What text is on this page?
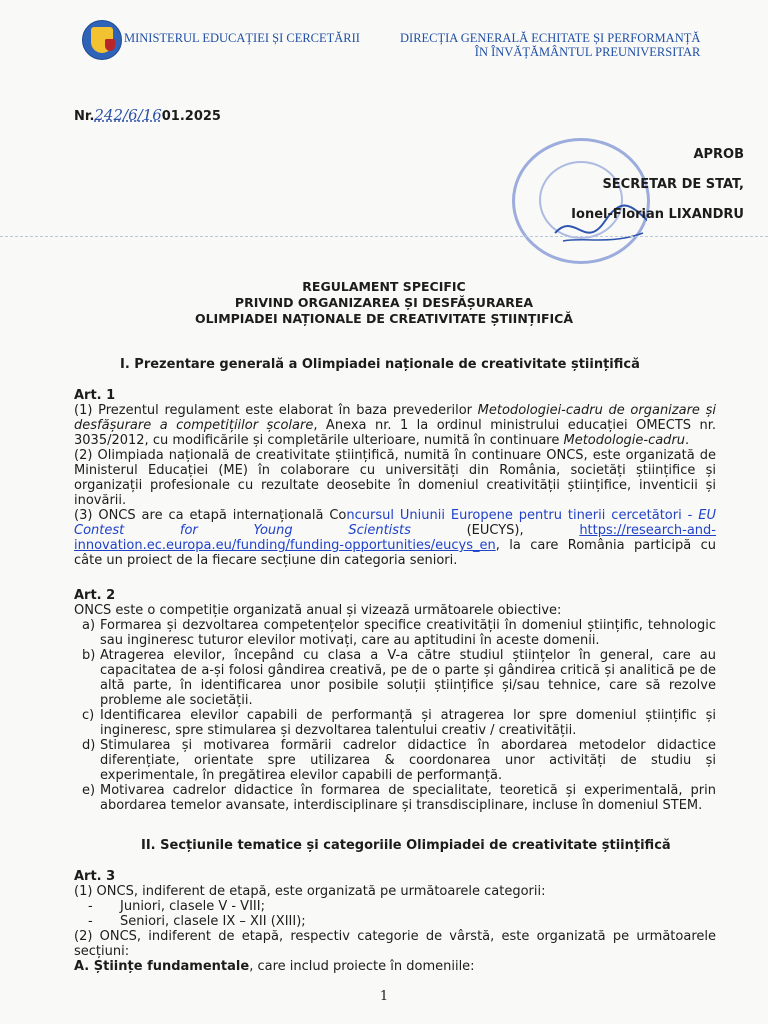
MINISTERUL EDUCAȚIEI ȘI CERCETĂRII	DIRECȚIA GENERALĂ ECHITATE ȘI PERFORMANȚĂ
ÎN ÎNVĂȚĂMÂNTUL PREUNIVERSITAR
Nr.242/6/1601.2025
APROB
SECRETAR DE STAT,
Ionel-Florian LIXANDRU
REGULAMENT SPECIFIC
PRIVIND ORGANIZAREA ȘI DESFĂȘURAREA
OLIMPIADEI NAȚIONALE DE CREATIVITATE ȘTIINȚIFICĂ
I. Prezentare generală a Olimpiadei naționale de creativitate științifică
Art. 1
(1) Prezentul regulament este elaborat în baza prevederilor Metodologiei-cadru de organizare și desfășurare a competițiilor școlare, Anexa nr. 1 la ordinul ministrului educației OMECTS nr. 3035/2012, cu modificările și completările ulterioare, numită în continuare Metodologie-cadru.
(2) Olimpiada națională de creativitate științifică, numită în continuare ONCS, este organizată de Ministerul Educației (ME) în colaborare cu universități din România, societăți științifice și organizații profesionale cu rezultate deosebite în domeniul creativității științifice, inventicii și inovării.
(3) ONCS are ca etapă internațională Concursul Uniunii Europene pentru tinerii cercetători - EU Contest for Young Scientists (EUCYS), https://research-and-innovation.ec.europa.eu/funding/funding-opportunities/eucys_en, la care România participă cu câte un proiect de la fiecare secțiune din categoria seniori.
Art. 2
ONCS este o competiție organizată anual și vizează următoarele obiective:
a) Formarea și dezvoltarea competențelor specifice creativității în domeniul științific, tehnologic sau ingineresc tuturor elevilor motivați, care au aptitudini în aceste domenii.
b) Atragerea elevilor, începând cu clasa a V-a către studiul științelor în general, care au capacitatea de a-și folosi gândirea creativă, pe de o parte și gândirea critică și analitică pe de altă parte, în identificarea unor posibile soluții științifice și/sau tehnice, care să rezolve probleme ale societății.
c) Identificarea elevilor capabili de performanță și atragerea lor spre domeniul științific și ingineresc, spre stimularea și dezvoltarea talentului creativ / creativității.
d) Stimularea și motivarea formării cadrelor didactice în abordarea metodelor didactice diferențiate, orientate spre utilizarea & coordonarea unor activități de studiu și experimentale, în pregătirea elevilor capabili de performanță.
e) Motivarea cadrelor didactice în formarea de specialitate, teoretică și experimentală, prin abordarea temelor avansate, interdisciplinare și transdisciplinare, incluse în domeniul STEM.
II. Secțiunile tematice și categoriile Olimpiadei de creativitate științifică
Art. 3
(1) ONCS, indiferent de etapă, este organizată pe următoarele categorii:
- Juniori, clasele V - VIII;
- Seniori, clasele IX – XII (XIII);
(2) ONCS, indiferent de etapă, respectiv categorie de vârstă, este organizată pe următoarele secțiuni:
A. Științe fundamentale, care includ proiecte în domeniile:
1
